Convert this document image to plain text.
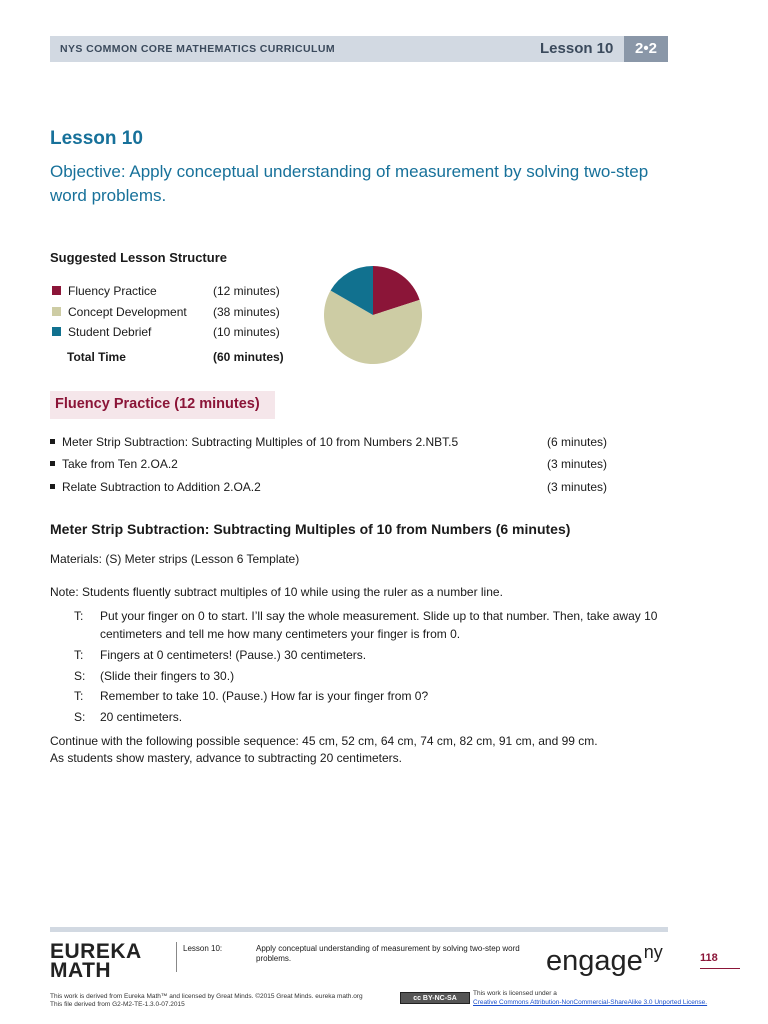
NYS COMMON CORE MATHEMATICS CURRICULUM	Lesson 10	2•2
Lesson 10
Objective: Apply conceptual understanding of measurement by solving two-step word problems.
Suggested Lesson Structure
Fluency Practice	(12 minutes)
Concept Development (38 minutes)
Student Debrief	(10 minutes)
Total Time	(60 minutes)
Fluency Practice (12 minutes)
Meter Strip Subtraction: Subtracting Multiples of 10 from Numbers 2.NBT.5	(6 minutes)
Take from Ten 2.OA.2	(3 minutes)
Relate Subtraction to Addition 2.OA.2	(3 minutes)
Meter Strip Subtraction: Subtracting Multiples of 10 from Numbers (6 minutes)
Materials: (S) Meter strips (Lesson 6 Template)
Note: Students fluently subtract multiples of 10 while using the ruler as a number line.
T: Put your finger on 0 to start. I’ll say the whole measurement. Slide up to that number. Then, take away 10 centimeters and tell me how many centimeters your finger is from 0.
T: Fingers at 0 centimeters! (Pause.) 30 centimeters.
S: (Slide their fingers to 30.)
T: Remember to take 10. (Pause.) How far is your finger from 0?
S: 20 centimeters.
Continue with the following possible sequence: 45 cm, 52 cm, 64 cm, 74 cm, 82 cm, 91 cm, and 99 cm.
As students show mastery, advance to subtracting 20 centimeters.
EUREKA
MATH
Lesson 10:	Apply conceptual understanding of measurement by solving two-step word problems.	engage$^{ny}$	118
This work is derived from Eureka Math™ and licensed by Great Minds. ©2015 Great Minds. eureka math.org
This file derived from G2-M2-TE-1.3.0-07.2015
cc BY-NC-SA
This work is licensed under a
Creative Commons Attribution-NonCommercial-ShareAlike 3.0 Unported License.
